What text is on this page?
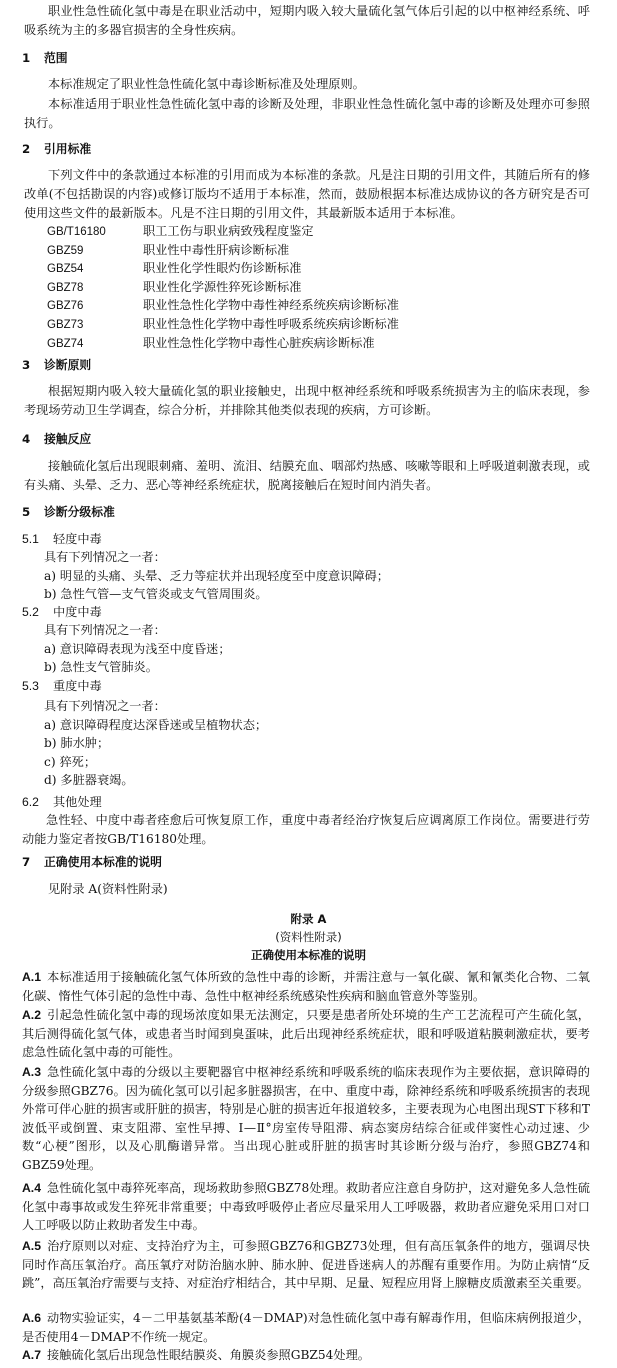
职业性急性硫化氢中毒是在职业活动中，短期内吸入较大量硫化氢气体后引起的以中枢神经系统、呼吸系统为主的多器官损害的全身性疾病。

1 范围

本标准规定了职业性急性硫化氢中毒诊断标准及处理原则。

本标准适用于职业性急性硫化氢中毒的诊断及处理，非职业性急性硫化氢中毒的诊断及处理亦可参照执行。

2 引用标准

下列文件中的条款通过本标准的引用而成为本标准的条款。凡是注日期的引用文件，其随后所有的修改单(不包括勘误的内容)或修订版均不适用于本标准，然而，鼓励根据本标准达成协议的各方研究是否可使用这些文件的最新版本。凡是不注日期的引用文件，其最新版本适用于本标准。

GB/T16180	职工工伤与职业病致残程度鉴定
GBZ59	职业性中毒性肝病诊断标准
GBZ54	职业性化学性眼灼伤诊断标准
GBZ78	职业性化学源性猝死诊断标准
GBZ76	职业性急性化学物中毒性神经系统疾病诊断标准
GBZ73	职业性急性化学物中毒性呼吸系统疾病诊断标准
GBZ74	职业性急性化学物中毒性心脏疾病诊断标准
3 诊断原则

根据短期内吸入较大量硫化氢的职业接触史，出现中枢神经系统和呼吸系统损害为主的临床表现，参考现场劳动卫生学调查，综合分析，并排除其他类似表现的疾病，方可诊断。

4 接触反应

接触硫化氢后出现眼刺痛、羞明、流泪、结膜充血、咽部灼热感、咳嗽等眼和上呼吸道刺激表现，或有头痛、头晕、乏力、恶心等神经系统症状，脱离接触后在短时间内消失者。

5 诊断分级标准
5.1 轻度中毒
具有下列情况之一者：
a) 明显的头痛、头晕、乏力等症状并出现轻度至中度意识障碍；
b) 急性气管—支气管炎或支气管周围炎。
5.2 中度中毒
具有下列情况之一者：
a) 意识障碍表现为浅至中度昏迷；
b) 急性支气管肺炎。
5.3 重度中毒
具有下列情况之一者：
a) 意识障碍程度达深昏迷或呈植物状态；
b) 肺水肿；
c) 猝死；
d) 多脏器衰竭。
6.2 其他处理

急性轻、中度中毒者痊愈后可恢复原工作，重度中毒者经治疗恢复后应调离原工作岗位。需要进行劳动能力鉴定者按GB/T16180处理。

7 正确使用本标准的说明

见附录 A(资料性附录)

附录 A
(资料性附录)
正确使用本标准的说明

A.1 本标准适用于接触硫化氢气体所致的急性中毒的诊断，并需注意与一氧化碳、氰和氰类化合物、二氧化碳、惰性气体引起的急性中毒、急性中枢神经系统感染性疾病和脑血管意外等鉴别。

A.2 引起急性硫化氢中毒的现场浓度如果无法测定，只要是患者所处环境的生产工艺流程可产生硫化氢，其后测得硫化氢气体，或患者当时闻到臭蛋味，此后出现神经系统症状，眼和呼吸道粘膜刺激症状，要考虑急性硫化氢中毒的可能性。

A.3 急性硫化氢中毒的分级以主要靶器官中枢神经系统和呼吸系统的临床表现作为主要依据，意识障碍的分级参照GBZ76。因为硫化氢可以引起多脏器损害，在中、重度中毒，除神经系统和呼吸系统损害的表现外常可伴心脏的损害或肝脏的损害，特别是心脏的损害近年报道较多，主要表现为心电图出现ST下移和T波低平或倒置、束支阻滞、室性早搏、Ⅰ—Ⅱ°房室传导阻滞、病态窦房结综合征或伴窦性心动过速、少数“心梗”图形，以及心肌酶谱异常。当出现心脏或肝脏的损害时其诊断分级与治疗，参照GBZ74和GBZ59处理。

A.4 急性硫化氢中毒猝死率高，现场救助参照GBZ78处理。救助者应注意自身防护，这对避免多人急性硫化氢中毒事故或发生猝死非常重要；中毒致呼吸停止者应尽量采用人工呼吸器，救助者应避免采用口对口人工呼吸以防止救助者发生中毒。

A.5 治疗原则以对症、支持治疗为主，可参照GBZ76和GBZ73处理，但有高压氧条件的地方，强调尽快同时作高压氧治疗。高压氧疗对防治脑水肿、肺水肿、促进昏迷病人的苏醒有重要作用。为防止病情“反跳”，高压氧治疗需要与支持、对症治疗相结合，其中早期、足量、短程应用肾上腺糖皮质激素至关重要。

A.6 动物实验证实，4－二甲基氨基苯酚(4－DMAP)对急性硫化氢中毒有解毒作用，但临床病例报道少，是否使用4－DMAP不作统一规定。

A.7 接触硫化氢后出现急性眼结膜炎、角膜炎参照GBZ54处理。
